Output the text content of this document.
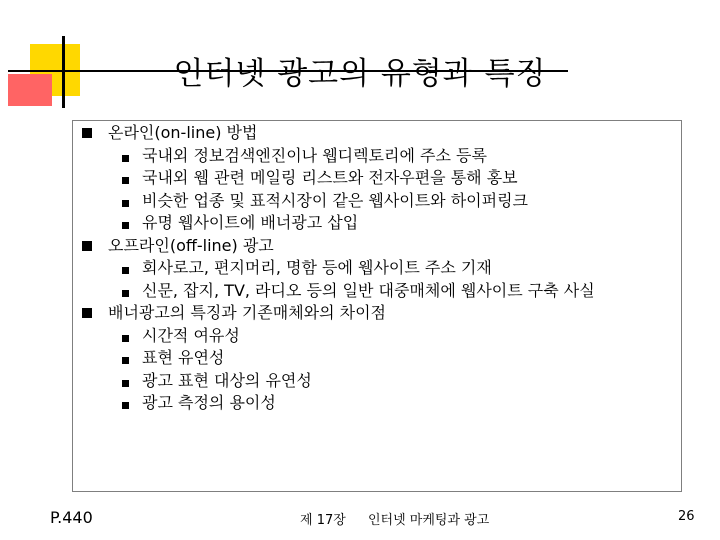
인터넷 광고의 유형과 특징
온라인(on-line) 방법
국내외 정보검색엔진이나 웹디렉토리에 주소 등록
국내외 웹 관련 메일링 리스트와 전자우편을 통해 홍보
비슷한 업종 및 표적시장이 같은 웹사이트와 하이퍼링크
유명 웹사이트에 배너광고 삽입
오프라인(off-line) 광고
회사로고, 편지머리, 명함 등에 웹사이트 주소 기재
신문, 잡지, TV, 라디오 등의 일반 대중매체에 웹사이트 구축 사실
배너광고의 특징과 기존매체와의 차이점
시간적 여유성
표현 유연성
광고 표현 대상의 유연성
광고 측정의 용이성
P.440	제 17장 인터넷 마케팅과 광고	26
